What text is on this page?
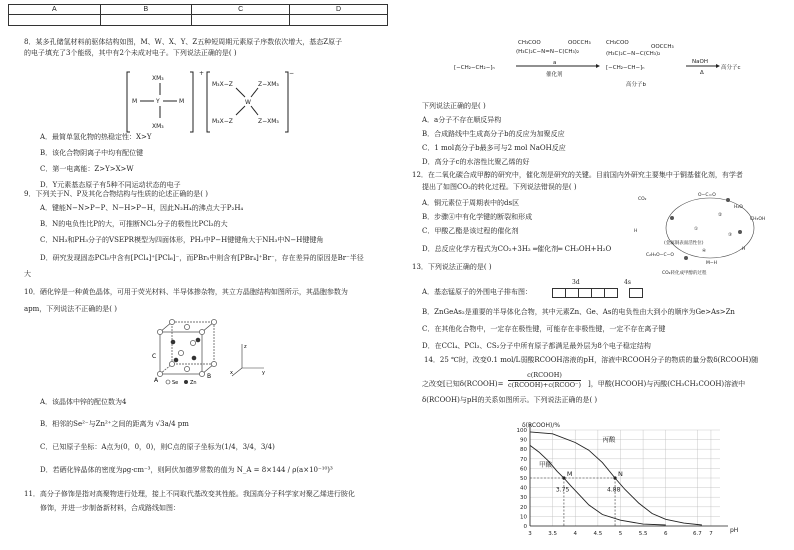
A	B	C	D

8．某多孔储氢材料前驱体结构如图，M、W、X、Y、Z五种短周期元素原子序数依次增大，基态Z原子
的电子填充了3个能级，其中有2个未成对电子。下列说法正确的是( )
+
XM₃
M	Y	M
XM₃
−
M₃X−Z	Z−XM₃
W
M₃X−Z	Z−XM₃
A．最简单氢化物的热稳定性：X>Y
B．该化合物阴离子中均有配位键
C．第一电离能：Z>Y>X>W
D．Y元素基态原子有5种不同运动状态的电子
9．下列关于N、P及其化合物结构与性质的论述正确的是( )
A．键能N−N>P−P、N−H>P−H，因此N₂H₄的沸点大于P₂H₄
B．N的电负性比P的大，可推断NCl₃分子的极性比PCl₃的大
C．NH₃和PH₃分子的VSEPR模型为四面体形，PH₃中P−H键键角大于NH₃中N−H键键角
D．研究发现固态PCl₅中含有[PCl₄]⁺[PCl₆]⁻，而PBr₅中则含有[PBr₄]⁺Br⁻，存在差异的原因是Br⁻半径
大
10．硒化锌是一种黄色晶体，可用于荧光材料、半导体掺杂物，其立方晶胞结构如图所示，其晶胞参数为
apm，下列说法不正确的是( )
C
A
B
Se Zn
z
y
x
A．该晶体中锌的配位数为4
B．相邻的Se²⁻与Zn²⁺之间的距离为 √3a/4 pm
C．已知原子坐标：A点为(0，0，0)，则C点的原子坐标为(1/4，3/4，3/4)
D．若硒化锌晶体的密度为ρg·cm⁻³，则阿伏加德罗常数的值为 N_A = 8×144 / ρ(a×10⁻¹⁰)³
11．高分子修饰是指对高聚物进行处理，接上不同取代基改变其性能。我国高分子科学家对聚乙烯进行胺化
修饰，并进一步制备新材料，合成路线如图：
[−CH₂−CH₂−]ₙ
CH₃COO	OOCCH₃
(H₃C)₂C−N=N−C(CH₃)₂
a
催化剂
CH₃COO
OOCCH₃
(H₃C)₂C−N−C(CH₃)₂
[−CH₂−CH−]ₙ
高分子b
NaOH
Δ
高分子c
下列说法正确的是( )
A．a分子不存在顺反异构
B．合成路线中生成高分子b的反应为加聚反应
C．1 mol高分子b最多可与2 mol NaOH反应
D．高分子c的水溶性比聚乙烯的好
12．在二氧化碳合成甲醇的研究中，催化剂是研究的关键。目前国内外研究主要集中于铜基催化剂，有学者
提出了如图CO₂的转化过程。下列说法错误的是( )
A．铜元素位于周期表中的ds区
B．步骤④中有化学键的断裂和形成
C．甲酸乙酯是该过程的催化剂
D．总反应化学方程式为CO₂+3H₂ ═催化剂═ CH₃OH+H₂O
CO₂
O−C=O
H₂O
CH₃OH
H
(金属铜表面活性位)
①
②
③
④
C₂H₅O−C−O
H
M−H
CO₂转化成甲醇的过程
13．下列说法正确的是( )
A．基态锰原子的外围电子排布图：
3d	4s

B．ZnGeAs₂是重要的半导体化合物，其中元素Zn、Ge、As的电负性由大到小的顺序为Ge>As>Zn
C．在其他化合物中，一定存在极性键，可能存在非极性键，一定不存在离子键
D．在CCl₄、PCl₃、CS₂分子中所有原子都满足最外层为8个电子稳定结构
14．25 ℃时，改变0.1 mol/L弱酸RCOOH溶液的pH，溶液中RCOOH分子的物质的量分数δ(RCOOH)随
之改变[已知δ(RCOOH)=
c(RCOOH)
c(RCOOH)+c(RCOO⁻) ]，甲酸(HCOOH)与丙酸(CH₃CH₂COOH)溶液中
δ(RCOOH)与pH的关系如图所示。下列说法正确的是( )
0
10
20
30
40
50
60
70
80
90
100
3	3.5	4	4.5	5	5.5	6	6.7 7	pH
δ(RCOOH)/%
甲酸
丙酸
M	N
3.75	4.88
